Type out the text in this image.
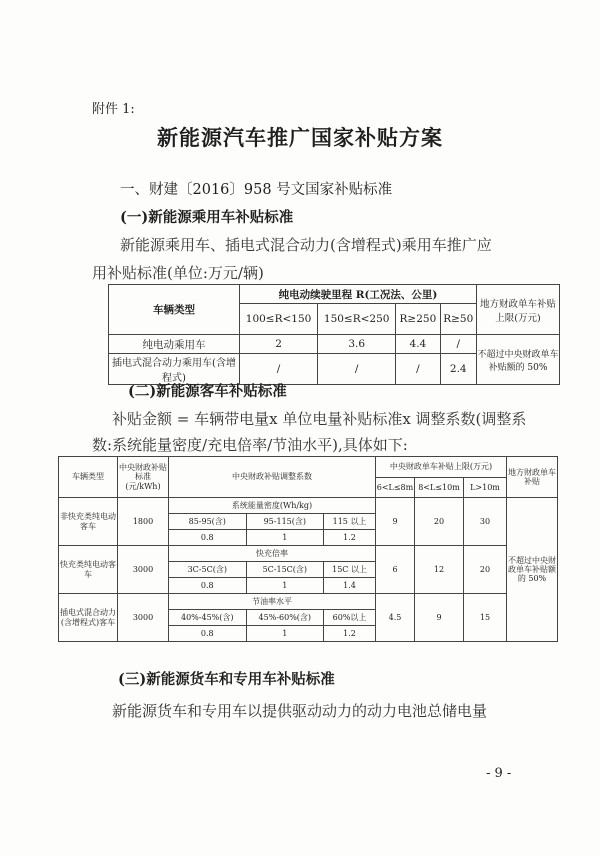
附件 1:
新能源汽车推广国家补贴方案
一、财建〔2016〕958 号文国家补贴标准
(一)新能源乘用车补贴标准
新能源乘用车、插电式混合动力(含增程式)乘用车推广应
用补贴标准(单位:万元/辆)
车辆类型	纯电动续驶里程 R(工况法、公里)				地方财政单车补贴上限(万元)
	100≤R<150	150≤R<250	R≥250	R≥50	
纯电动乘用车	2	3.6	4.4	/	不超过中央财政单车补贴额的 50%
插电式混合动力乘用车(含增程式)	/	/	/	2.4	
(二)新能源客车补贴标准
补贴金额 = 车辆带电量x 单位电量补贴标准x 调整系数(调整系
数:系统能量密度/充电倍率/节油水平),具体如下:
车辆类型	中央财政补贴标准(元/kWh)	中央财政补贴调整系数			中央财政单车补贴上限(万元)			地方财政单车补贴
					6<L≤8m	8<L≤10m	L>10m	
非快充类纯电动客车	1800	系统能量密度(Wh/kg)			9	20	30	不超过中央财政单车补贴额的 50%
		85-95(含)	95-115(含)	115 以上				
		0.8	1	1.2				
快充类纯电动客车	3000	快充倍率			6	12	20	
		3C-5C(含)	5C-15C(含)	15C 以上				
		0.8	1	1.4				
插电式混合动力(含增程式)客车	3000	节油率水平			4.5	9	15	
		40%-45%(含)	45%-60%(含)	60%以上				
		0.8	1	1.2				
(三)新能源货车和专用车补贴标准
新能源货车和专用车以提供驱动动力的动力电池总储电量
- 9 -
